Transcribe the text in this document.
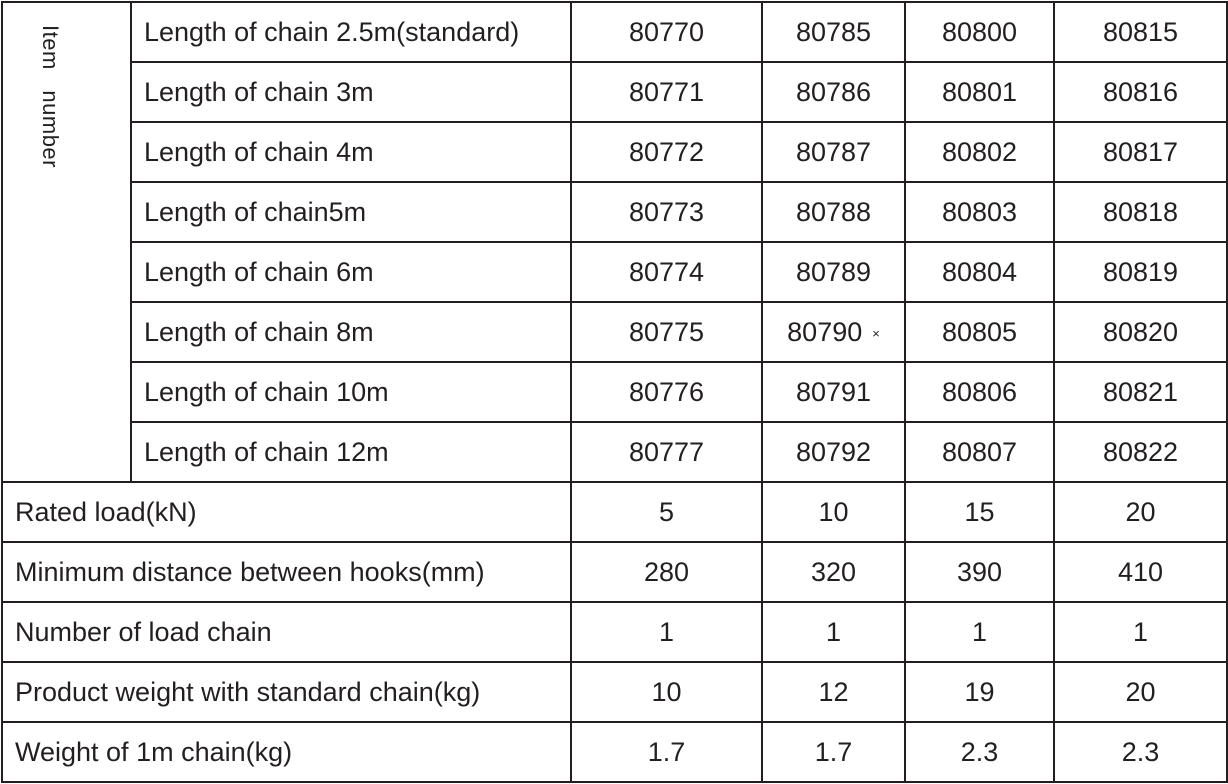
Item number	Length of chain 2.5m(standard)	80770	80785	80800	80815
	Length of chain 3m	80771	80786	80801	80816
	Length of chain 4m	80772	80787	80802	80817
	Length of chain5m	80773	80788	80803	80818
	Length of chain 6m	80774	80789	80804	80819
	Length of chain 8m	80775	80790 ×	80805	80820
	Length of chain 10m	80776	80791	80806	80821
	Length of chain 12m	80777	80792	80807	80822
Rated load(kN)		5	10	15	20
Minimum distance between hooks(mm)		280	320	390	410
Number of load chain		1	1	1	1
Product weight with standard chain(kg)		10	12	19	20
Weight of 1m chain(kg)		1.7	1.7	2.3	2.3
